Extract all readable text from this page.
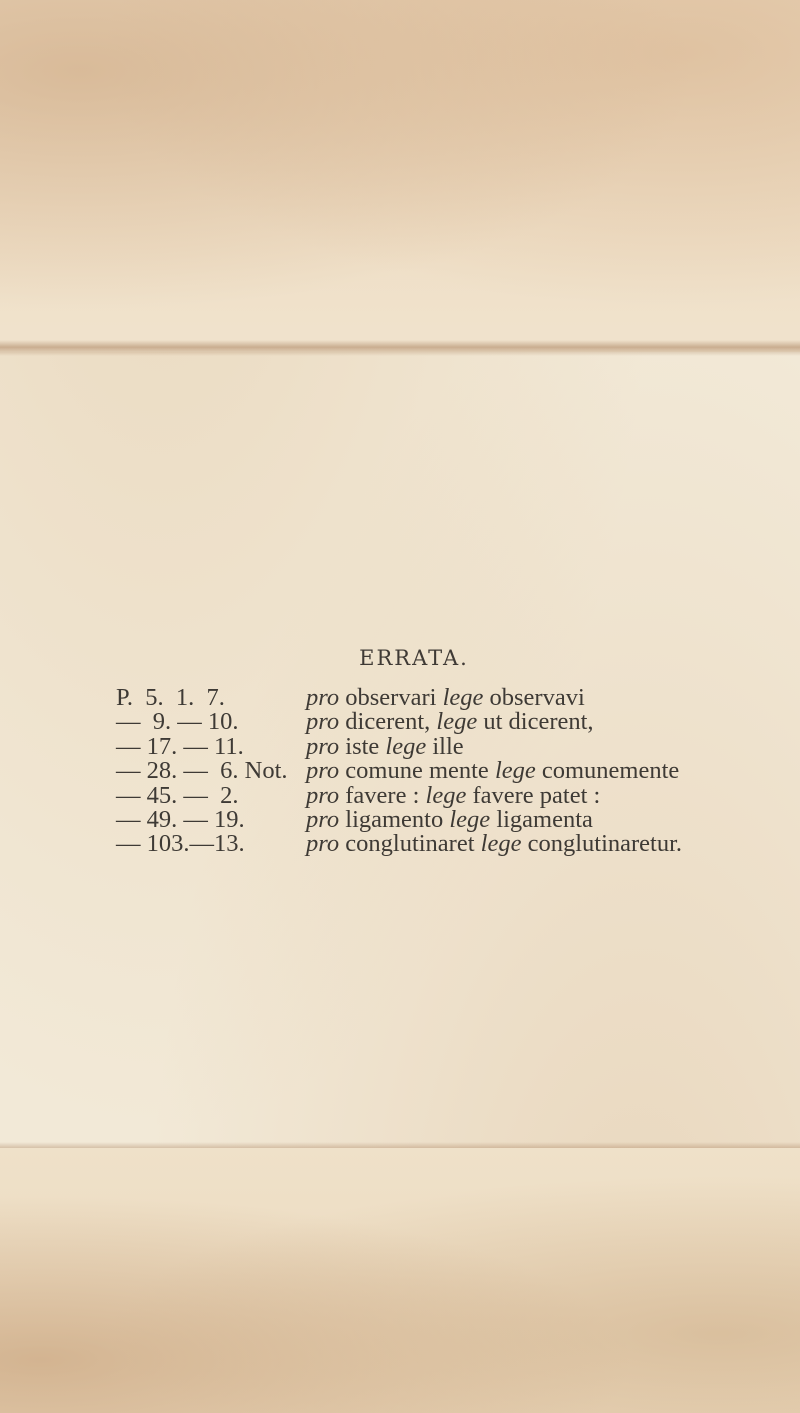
ERRATA.
P.  5.  1.  7.	pro observari lege observavi
—  9. — 10.	pro dicerent, lege ut dicerent,
— 17. — 11.	pro iste lege ille
— 28. —  6. Not. pro comune mente lege comunemente
— 45. —  2.	pro favere : lege favere patet :
— 49. — 19.	pro ligamento lege ligamenta
— 103.—13.	pro conglutinaret lege conglutinaretur.
